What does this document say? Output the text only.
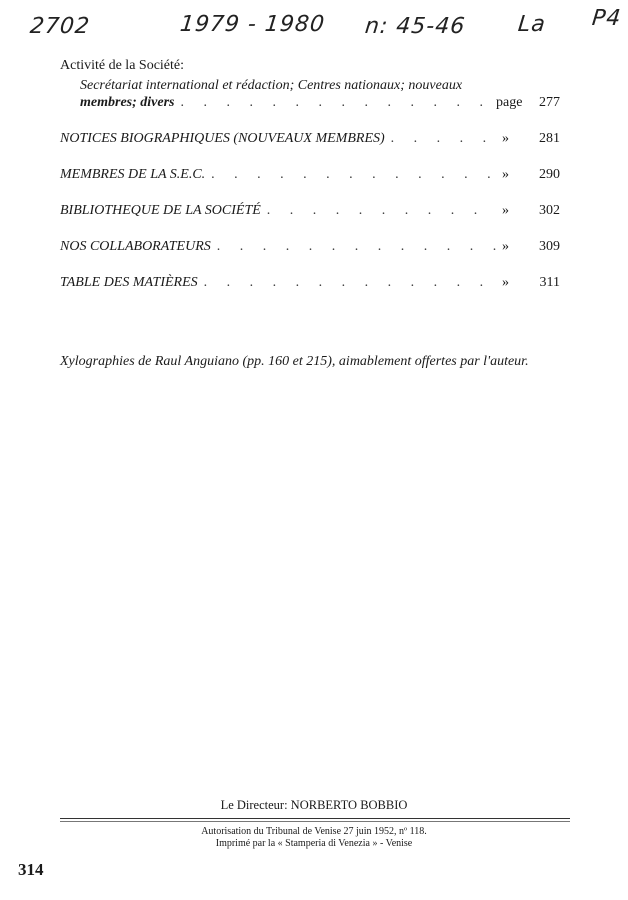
2702	1979 - 1980 n: 45-46 La P4
Activité de la Société:
Secrétariat international et rédaction; Centres nationaux; nouveaux
membres; divers . . .	page	277
NOTICES BIOGRAPHIQUES (NOUVEAUX MEMBRES) . . .	»	281
MEMBRES DE LA S.E.C. . . .	»	290
BIBLIOTHEQUE DE LA SOCIÉTÉ . . .	»	302
NOS COLLABORATEURS . . .	»	309
TABLE DES MATIÈRES . . .	»	311
Xylographies de Raul Anguiano (pp. 160 et 215), aimablement offertes par l'auteur.
Le Directeur: NORBERTO BOBBIO
Autorisation du Tribunal de Venise 27 juin 1952, nº 118.
Imprimé par la « Stamperia di Venezia » - Venise
314
